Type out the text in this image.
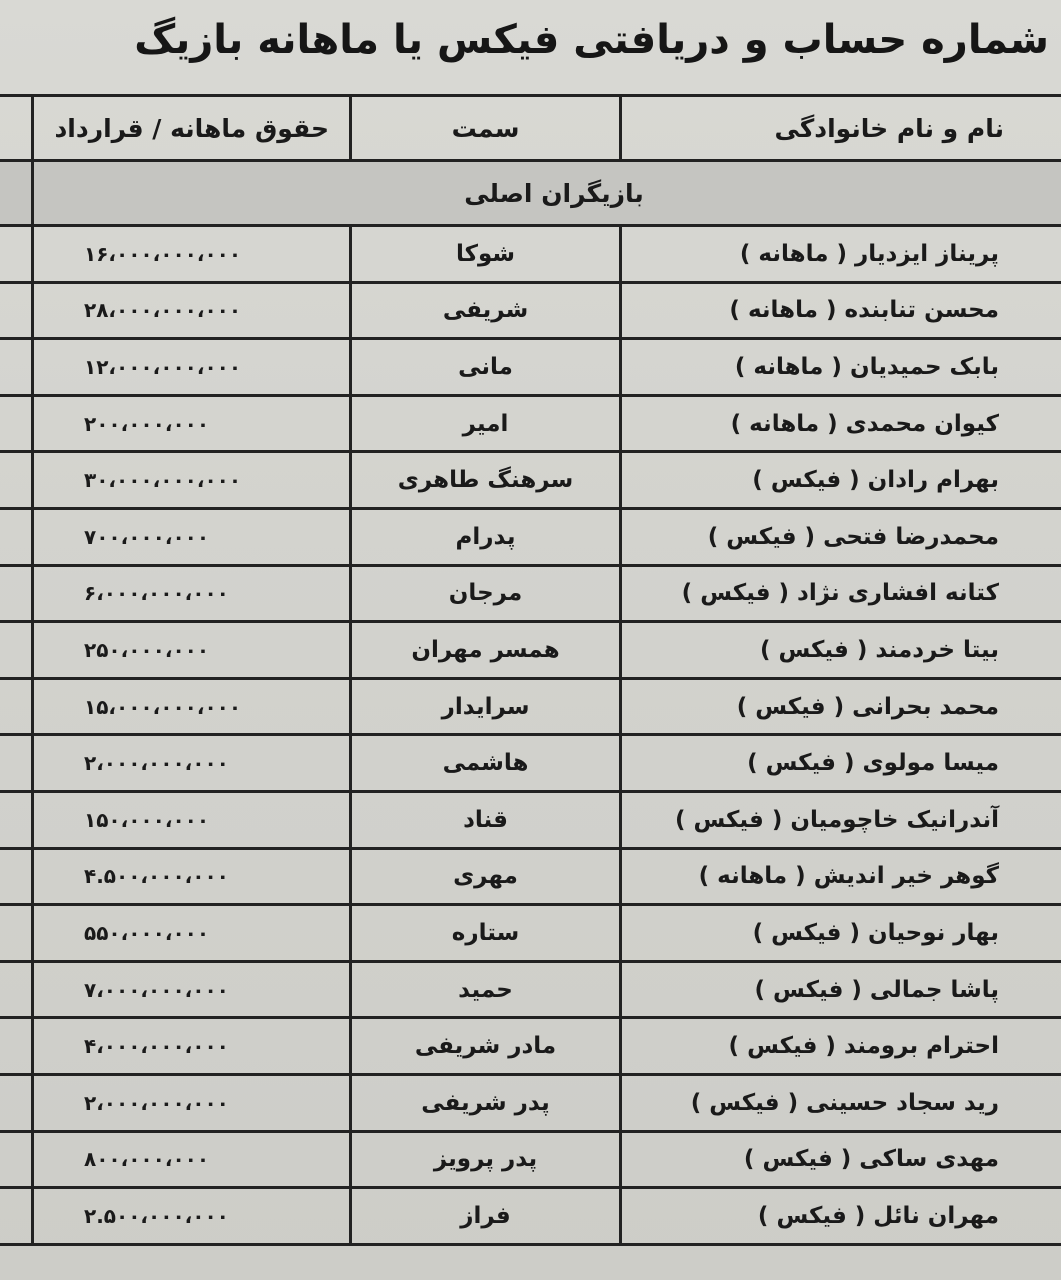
شماره حساب و دریافتی فیکس یا ماهانه بازیگ
نام و نام خانوادگی
سمت
حقوق ماهانه / قرارداد
بازیگران اصلی
پریناز ایزدیار ( ماهانه )
شوکا
۱۶،۰۰۰،۰۰۰،۰۰۰
محسن تنابنده ( ماهانه )
شریفی
۲۸،۰۰۰،۰۰۰،۰۰۰
بابک حمیدیان ( ماهانه )
مانی
۱۲،۰۰۰،۰۰۰،۰۰۰
کیوان محمدی ( ماهانه )
امیر
۲۰۰،۰۰۰،۰۰۰
بهرام رادان ( فیکس )
سرهنگ طاهری
۳۰،۰۰۰،۰۰۰،۰۰۰
محمدرضا فتحی ( فیکس )
پدرام
۷۰۰،۰۰۰،۰۰۰
کتانه افشاری نژاد ( فیکس )
مرجان
۶،۰۰۰،۰۰۰،۰۰۰
بیتا خردمند ( فیکس )
همسر مهران
۲۵۰،۰۰۰،۰۰۰
محمد بحرانی ( فیکس )
سرایدار
۱۵،۰۰۰،۰۰۰،۰۰۰
میسا مولوی ( فیکس )
هاشمی
۲،۰۰۰،۰۰۰،۰۰۰
آندرانیک خاچومیان ( فیکس )
قناد
۱۵۰،۰۰۰،۰۰۰
گوهر خیر اندیش ( ماهانه )
مهری
۴.۵۰۰،۰۰۰،۰۰۰
بهار نوحیان ( فیکس )
ستاره
۵۵۰،۰۰۰،۰۰۰
پاشا جمالی ( فیکس )
حمید
۷،۰۰۰،۰۰۰،۰۰۰
احترام برومند ( فیکس )
مادر شریفی
۴،۰۰۰،۰۰۰،۰۰۰
رید سجاد حسینی ( فیکس )
پدر شریفی
۲،۰۰۰،۰۰۰،۰۰۰
مهدی ساکی ( فیکس )
پدر پرویز
۸۰۰،۰۰۰،۰۰۰
مهران نائل ( فیکس )
فراز
۲.۵۰۰،۰۰۰،۰۰۰
